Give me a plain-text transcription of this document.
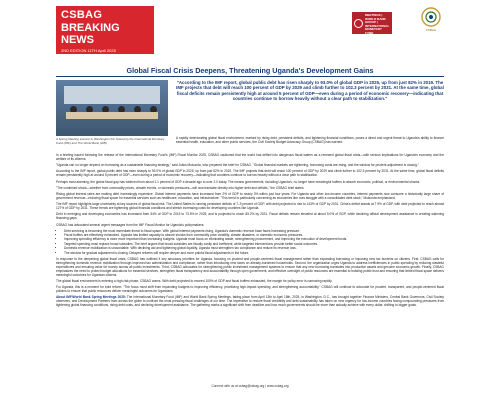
CSBAG
BREAKING NEWS
2ND EDITION 11TH April 2025
SPRING MEETINGS | WORLD BANK GROUP | INTERNATIONAL MONETARY FUND
CSBAG
Global Fiscal Crisis Deepens, Threatening Uganda's Development Gains
A Spring Meeting session in Washington DC hosted by the International Monetary Fund (IMF) and The World Bank (WB)
"According to the IMF report, global public debt has risen sharply to 93.0% of global GDP in 2025, up from just 82% in 2019. The IMF projects that debt will reach 100 percent of GDP by 2029 and climb further to 102.3 percent by 2031. At the same time, global fiscal deficits remain persistently high at around 5 percent of GDP—even during a period of economic recovery—indicating that countries continue to borrow heavily without a clear path to stabilization."
A rapidly deteriorating global fiscal environment, marked by rising debt, persistent deficits, and tightening financial conditions, poses a direct and urgent threat to Uganda's ability to finance essential health, education, and other public services, the Civil Society Budget Advocacy Group (CSBAG) has warned.

In a briefing issued following the release of the International Monetary Fund's (IMF) Fiscal Monitor 2025, CSBAG cautioned that the world has drifted into dangerous fiscal waters as a renewed global fiscal crisis—with serious implications for Uganda's economy and the welfare of its citizens.

"Uganda can no longer depend on borrowing as a sustainable financing strategy," said Julius Mukunda, who prepared the brief for CSBAG. "Global financial markets are tightening, borrowing costs are rising, and the window for prudent adjustment is closing."

According to the IMF report, global public debt has risen sharply to 93.0% of global GDP in 2025, up from just 82% in 2019. The IMF projects that debt will reach 100 percent of GDP by 2029 and climb further to 102.3 percent by 2031. At the same time, global fiscal deficits remain persistently high at around 5 percent of GDP—even during a period of economic recovery—indicating that countries continue to borrow heavily without a clear path to stabilization.

Perhaps most alarming, the global fiscal gap has widened from about 1.1 percent of GDP a decade ago to over 2.0 today. The means governments, including Uganda's, no longer have meaningful buffers to absorb economic, political, or environmental shocks.

"The combined shock—whether from commodity prices, climate events, or domestic pressures—will now translate directly into higher debt and deficits," the CSBAG brief states.

Rising global interest rates are making debt increasingly expensive. Global interest payments have increased from 2% of GDP to nearly 3% within just four years. For Uganda and other low-income countries, interest payments now consume a historically large share of government revenue—reducing fiscal space for essential services such as healthcare, education, and infrastructure. "This trend is particularly concerning as economies like ours struggle with a consolidated debt stock," Mukunda emphasized.

The IMF report highlights large uncertainty at key sources of global fiscal risk. The United States is running persistent deficits of 7–9 percent of GDP, with debt projected to rise to 143% of GDP by 2031. China's deficit stands at 7.9% of GDP, with debt projected to reach almost 127% of GDP by 2031. These trends are tightening global financial conditions and stretch increasing costs for developing countries like Uganda.

Debt in emerging and developing economies has increased from 54% of GDP in 2015 to 73.5% in 2025, and is projected to reach 85.2% by 2031. Fiscal deficits remain elevated at about 5.0% of GDP, while declining official development assistance is creating widening financing gaps.

CSBAG has advocated several urgent messages from the IMF Fiscal Monitor for Uganda's policymakers:

• Debt servicing is becoming the most immediate threat to fiscal space. With global interest payments rising, Uganda's domestic revenue base faces increasing pressure.
• Fiscal buffers are effectively exhausted. Uganda has limited capacity to absorb shocks from commodity price volatility, climate disasters, or domestic economic pressures.
• Improving spending efficiency is more more important than increasing budgets. Uganda must focus on eliminating waste, strengthening procurement, and improving the execution of development funds.
• Targeted spending must replace broad subsidies. The brief argues that broad subsidies are fiscally costly and inefficient, while targeted interventions provide better social outcomes.
• Domestic revenue mobilization is unavoidable. With declining aid and tightening global liquidity, Uganda must strengthen tax compliance and reduce its revenue loss.
• The window for gradual adjustment is closing. Delayed reforms will require deeper and more painful fiscal adjustments in the future.

In response to the deepening global fiscal crisis, CSBAG has outlined 4 key advocacy priorities for Uganda, focusing on prudent and people-centered fiscal management rather than expanding borrowing or imposing new tax burdens on citizens. First, CSBAG calls for strengthening domestic revenue mobilization through improved tax administration and compliance, rather than introducing new taxes on already-burdened households. Second, the organization urges Uganda to address inefficiencies in public spending by reducing wasteful expenditures and ensuring value for money across all public investments. Third, CSBAG advocates for strengthening public investment management systems to ensure that any new borrowing translates into productive assets and genuine economic growth. Finally, CSBAG emphasizes the need to protect budget allocations for essential services, strengthen fiscal transparency and accountability through open government, and effective oversight of public resources are essential to building public trust and ensuring that limited fiscal space delivers meaningful outcomes for Ugandan citizens.

The global fiscal environment is entering a high-risk phase, CSBAG warns. With debt projected to exceed 100% of GDP and fiscal buffers exhausted, the margin for policy error is narrowing rapidly.

For Uganda, this is a moment for bold reform. "The focus must shift from expanding budgets to improving efficiency, prioritizing high-impact spending, and strengthening accountability," CSBAG will continue to advocate for prudent, transparent, and people-centered fiscal policies to ensure that public resources deliver meaningful outcomes for Ugandans.

About IMF/World Bank Spring Meetings 2025: The International Monetary Fund (IMF) and World Bank Spring Meetings, taking place from April 13th to April 18th, 2025, in Washington, D.C., has brought together Finance Ministers, Central Bank Governors, Civil Society observers, and Development Partners from across the globe to confront the most pressing fiscal challenges of our time. The imperative to restore fiscal credibility and debt sustainability has taken on new urgency for low-income countries facing compounding pressures from tightening global financing conditions, rising debt costs, and declining development assistance. The gathering marks a significant shift from deadline and how much governments should be more than actually achieve with every dollar, shifting to bigger goals.

Connect with us at csbag@csbag.org | www.csbag.org
